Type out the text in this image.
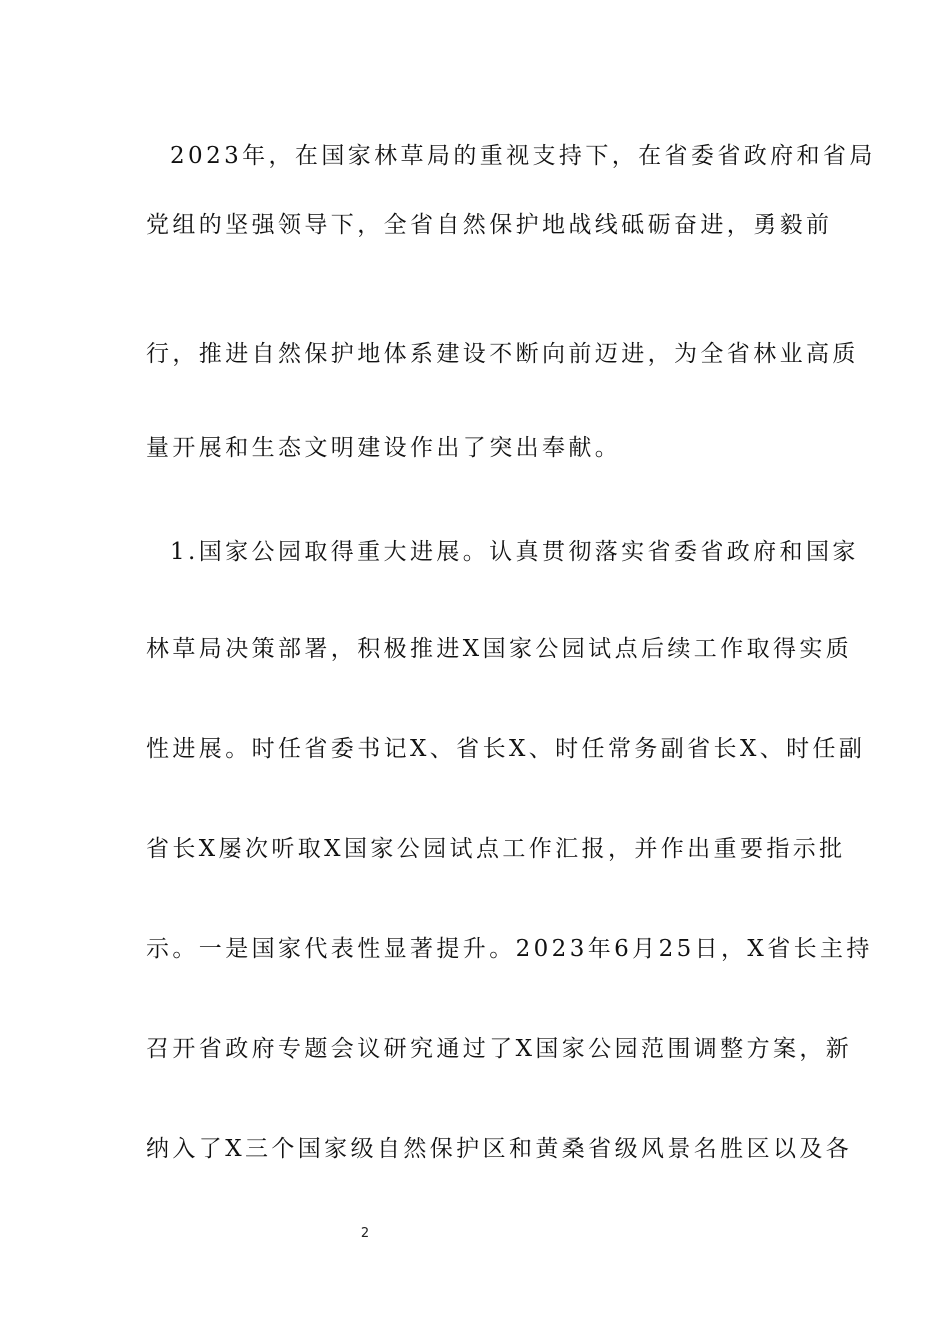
2023年，在国家林草局的重视支持下，在省委省政府和省局
党组的坚强领导下，全省自然保护地战线砥砺奋进，勇毅前
行，推进自然保护地体系建设不断向前迈进，为全省林业高质
量开展和生态文明建设作出了突出奉献。
1.国家公园取得重大进展。认真贯彻落实省委省政府和国家
林草局决策部署，积极推进X国家公园试点后续工作取得实质
性进展。时任省委书记X、省长X、时任常务副省长X、时任副
省长X屡次听取X国家公园试点工作汇报，并作出重要指示批
示。一是国家代表性显著提升。2023年6月25日，X省长主持
召开省政府专题会议研究通过了X国家公园范围调整方案，新
纳入了X三个国家级自然保护区和黄桑省级风景名胜区以及各
2
